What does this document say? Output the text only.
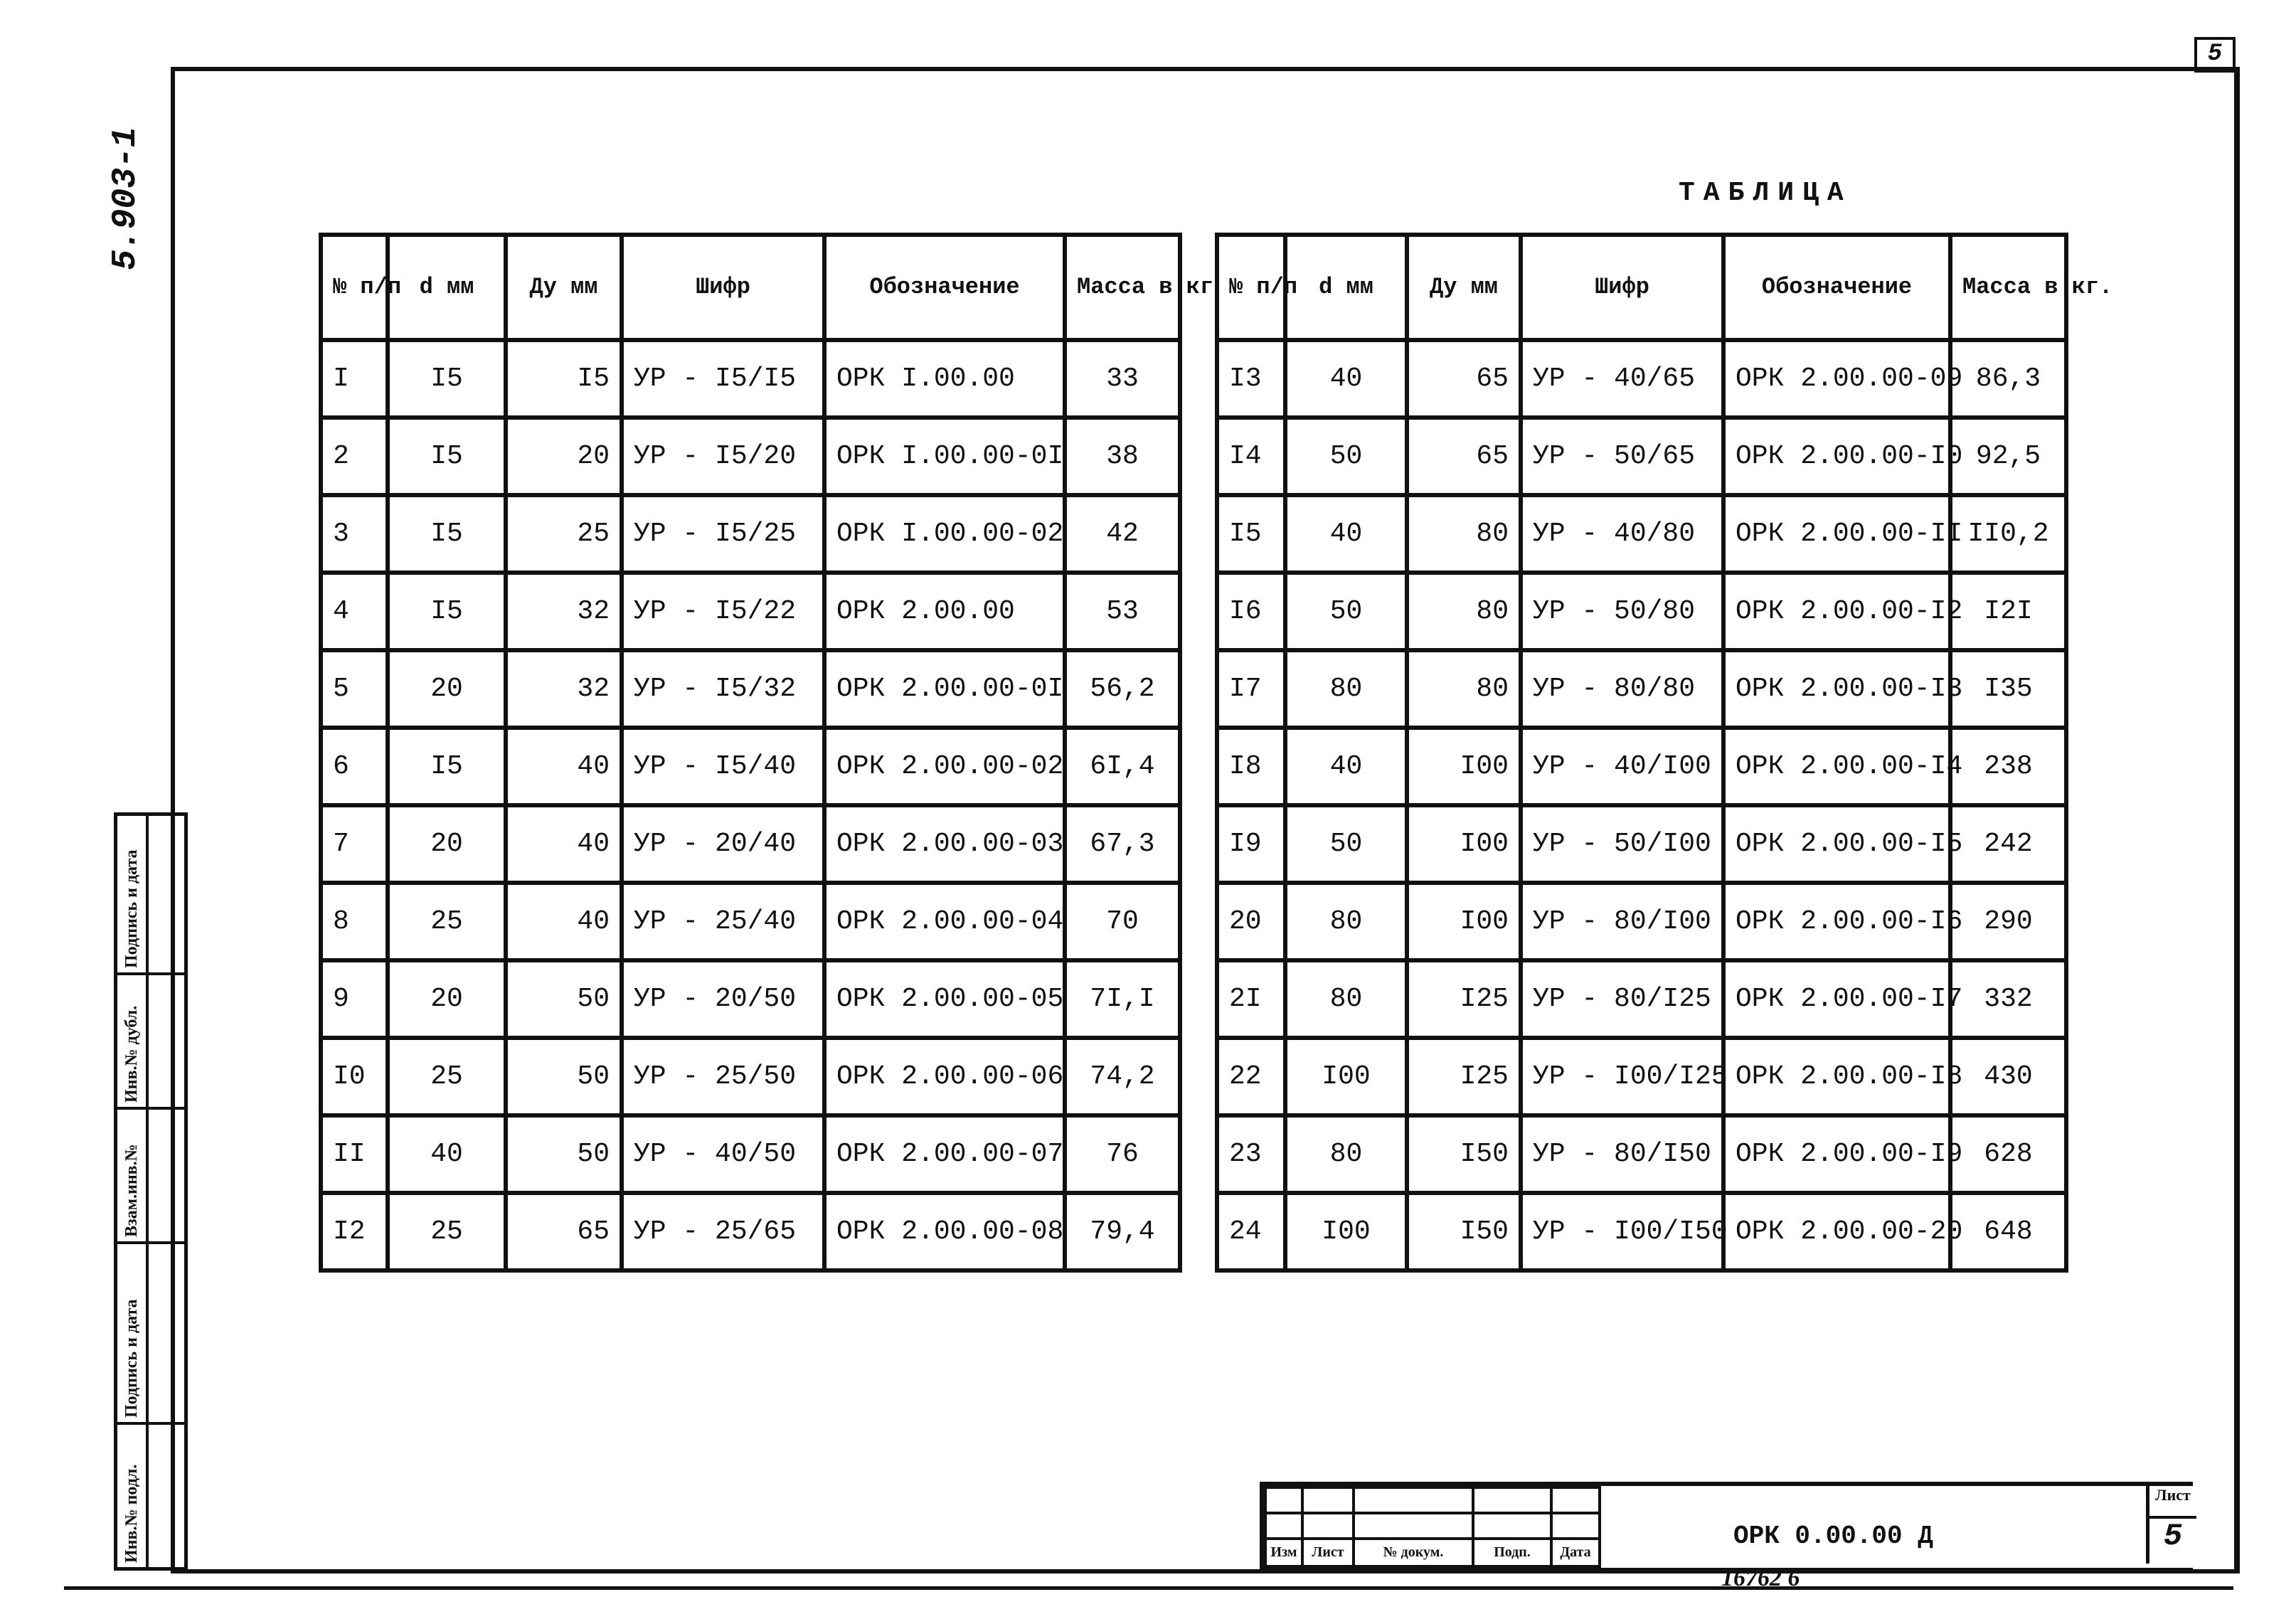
5.903-1
5
ТАБЛИЦА
№ п/п	d мм	Ду мм	Шифр	Обозначение	Масса в кг
I	I5	I5	УР - I5/I5	ОРК I.00.00	33
2	I5	20	УР - I5/20	ОРК I.00.00-0I	38
3	I5	25	УР - I5/25	ОРК I.00.00-02	42
4	I5	32	УР - I5/22	ОРК 2.00.00	53
5	20	32	УР - I5/32	ОРК 2.00.00-0I	56,2
6	I5	40	УР - I5/40	ОРК 2.00.00-02	6I,4
7	20	40	УР - 20/40	ОРК 2.00.00-03	67,3
8	25	40	УР - 25/40	ОРК 2.00.00-04	70
9	20	50	УР - 20/50	ОРК 2.00.00-05	7I,I
I0	25	50	УР - 25/50	ОРК 2.00.00-06	74,2
II	40	50	УР - 40/50	ОРК 2.00.00-07	76
I2	25	65	УР - 25/65	ОРК 2.00.00-08	79,4
№ п/п	d мм	Ду мм	Шифр	Обозначение	Масса в кг.
I3	40	65	УР - 40/65	ОРК 2.00.00-09	86,3
I4	50	65	УР - 50/65	ОРК 2.00.00-I0	92,5
I5	40	80	УР - 40/80	ОРК 2.00.00-II	II0,2
I6	50	80	УР - 50/80	ОРК 2.00.00-I2	I2I
I7	80	80	УР - 80/80	ОРК 2.00.00-I3	I35
I8	40	I00	УР - 40/I00	ОРК 2.00.00-I4	238
I9	50	I00	УР - 50/I00	ОРК 2.00.00-I5	242
20	80	I00	УР - 80/I00	ОРК 2.00.00-I6	290
2I	80	I25	УР - 80/I25	ОРК 2.00.00-I7	332
22	I00	I25	УР - I00/I25	ОРК 2.00.00-I8	430
23	80	I50	УР - 80/I50	ОРК 2.00.00-I9	628
24	I00	I50	УР - I00/I50	ОРК 2.00.00-20	648
Инв.№ подл.
Подпись и дата
Взам.инв.№
Инв.№ дубл.
Подпись и дата

Изм	Лист	№ докум.	Подп.	Дата
ОРК 0.00.00 Д
Лист
5
16762 6
